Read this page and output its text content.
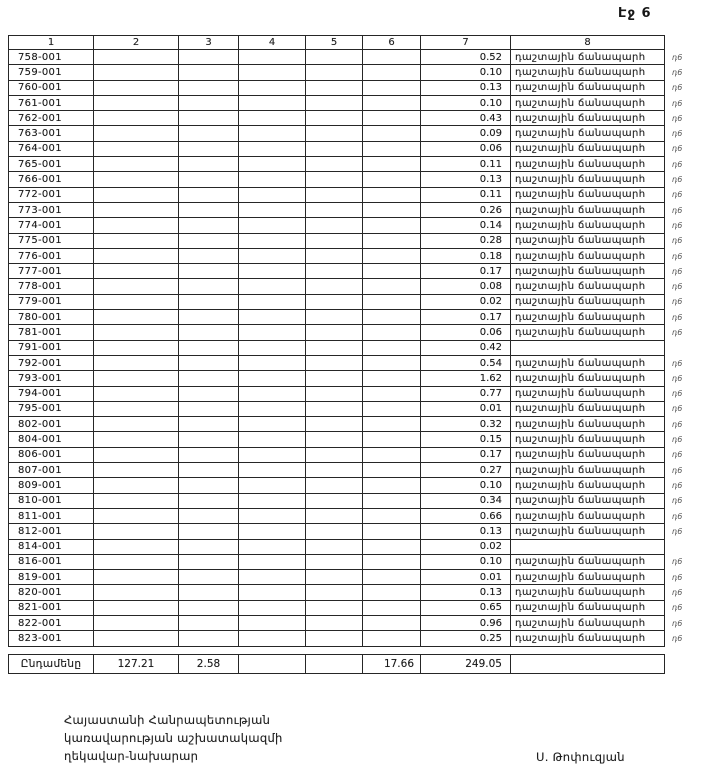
Էջ 6
1	2	3	4	5	6	7	8	
758-001						0.52	դաշտային ճանապարհ	դ6
759-001						0.10	դաշտային ճանապարհ	դ6
760-001						0.13	դաշտային ճանապարհ	դ6
761-001						0.10	դաշտային ճանապարհ	դ6
762-001						0.43	դաշտային ճանապարհ	դ6
763-001						0.09	դաշտային ճանապարհ	դ6
764-001						0.06	դաշտային ճանապարհ	դ6
765-001						0.11	դաշտային ճանապարհ	դ6
766-001						0.13	դաշտային ճանապարհ	դ6
772-001						0.11	դաշտային ճանապարհ	դ6
773-001						0.26	դաշտային ճանապարհ	դ6
774-001						0.14	դաշտային ճանապարհ	դ6
775-001						0.28	դաշտային ճանապարհ	դ6
776-001						0.18	դաշտային ճանապարհ	դ6
777-001						0.17	դաշտային ճանապարհ	դ6
778-001						0.08	դաշտային ճանապարհ	դ6
779-001						0.02	դաշտային ճանապարհ	դ6
780-001						0.17	դաշտային ճանապարհ	դ6
781-001						0.06	դաշտային ճանապարհ	դ6
791-001						0.42		
792-001						0.54	դաշտային ճանապարհ	դ6
793-001						1.62	դաշտային ճանապարհ	դ6
794-001						0.77	դաշտային ճանապարհ	դ6
795-001						0.01	դաշտային ճանապարհ	դ6
802-001						0.32	դաշտային ճանապարհ	դ6
804-001						0.15	դաշտային ճանապարհ	դ6
806-001						0.17	դաշտային ճանապարհ	դ6
807-001						0.27	դաշտային ճանապարհ	դ6
809-001						0.10	դաշտային ճանապարհ	դ6
810-001						0.34	դաշտային ճանապարհ	դ6
811-001						0.66	դաշտային ճանապարհ	դ6
812-001						0.13	դաշտային ճանապարհ	դ6
814-001						0.02		
816-001						0.10	դաշտային ճանապարհ	դ6
819-001						0.01	դաշտային ճանապարհ	դ6
820-001						0.13	դաշտային ճանապարհ	դ6
821-001						0.65	դաշտային ճանապարհ	դ6
822-001						0.96	դաշտային ճանապարհ	դ6
823-001						0.25	դաշտային ճանապարհ	դ6
Ընդամենը	127.21	2.58			17.66	249.05	
Հայաստանի Հանրապետության
կառավարության աշխատակազմի
ղեկավար-նախարար	Ս. Թոփուզյան
